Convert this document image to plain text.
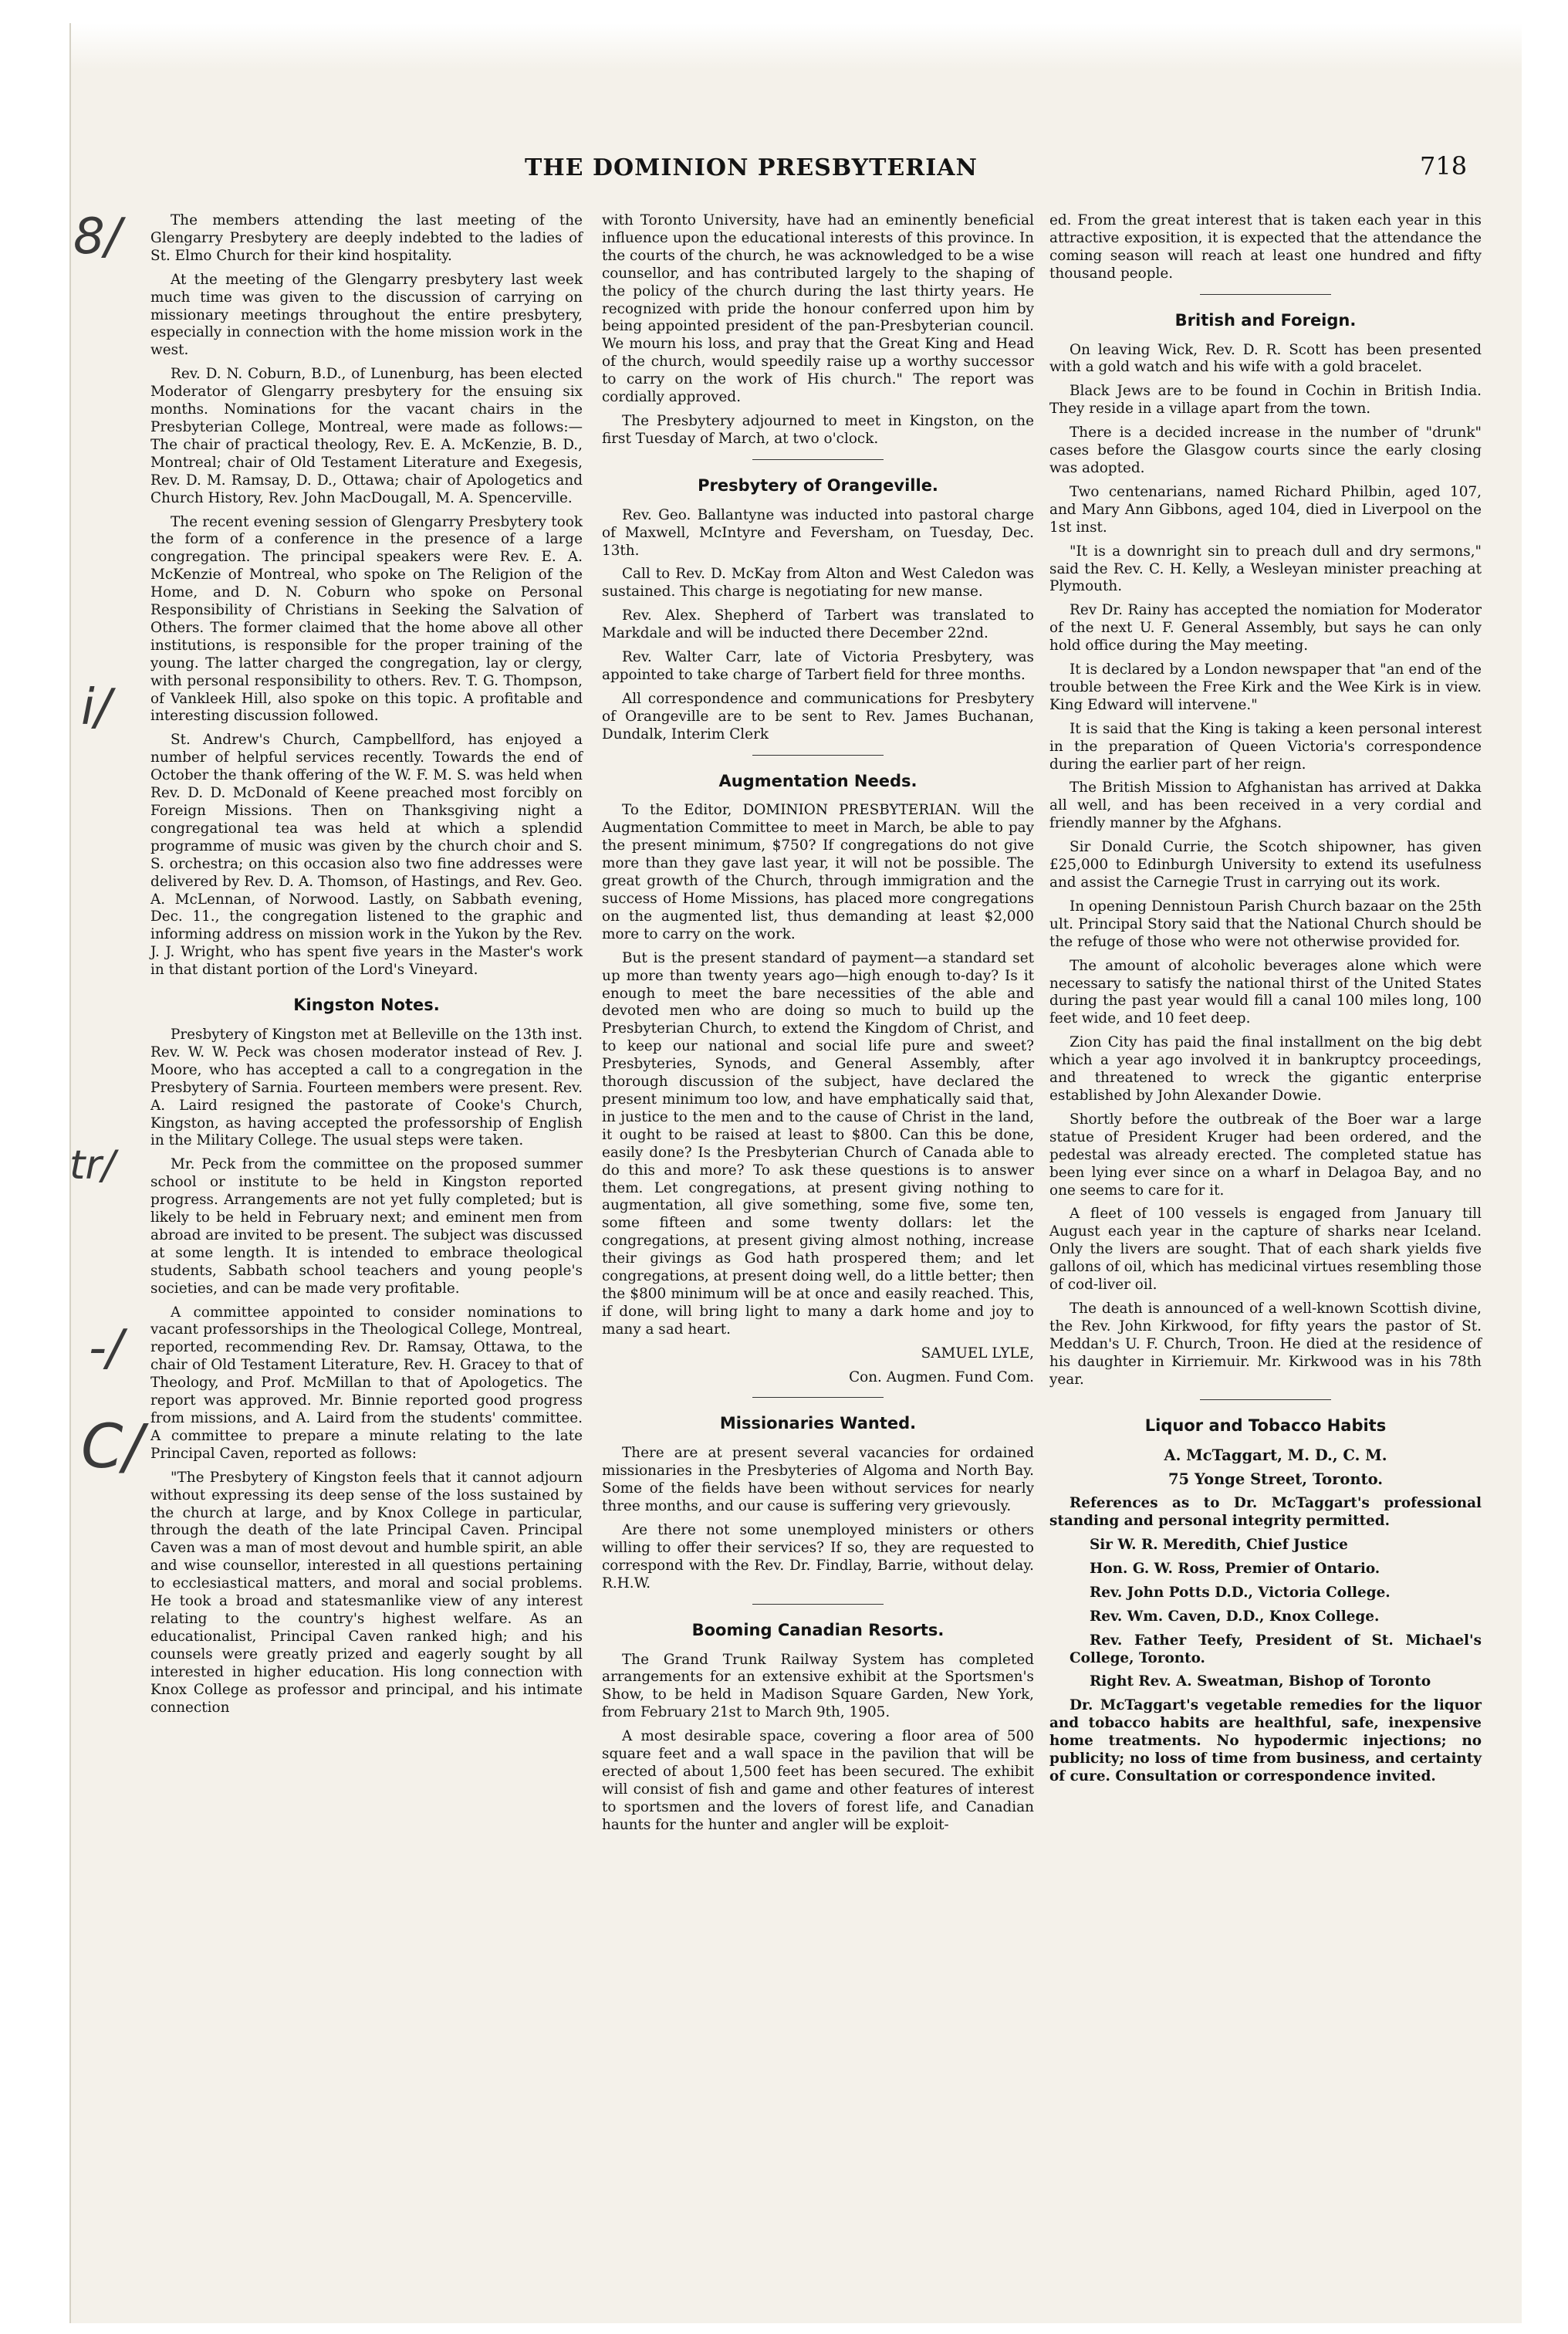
THE DOMINION PRESBYTERIAN	718
8/
i/
tr/
-/
C/

The members attending the last meeting of the Glengarry Presbytery are deeply indebted to the ladies of St. Elmo Church for their kind hospitality.

At the meeting of the Glengarry presbytery last week much time was given to the discussion of carrying on missionary meetings throughout the entire presbytery, especially in connection with the home mission work in the west.

Rev. D. N. Coburn, B.D., of Lunenburg, has been elected Moderator of Glengarry presbytery for the ensuing six months. Nominations for the vacant chairs in the Presbyterian College, Montreal, were made as follows:—The chair of practical theology, Rev. E. A. McKenzie, B. D., Montreal; chair of Old Testament Literature and Exegesis, Rev. D. M. Ramsay, D. D., Ottawa; chair of Apologetics and Church History, Rev. John MacDougall, M. A. Spencerville.

The recent evening session of Glengarry Presbytery took the form of a conference in the presence of a large congregation. The principal speakers were Rev. E. A. McKenzie of Montreal, who spoke on The Religion of the Home, and D. N. Coburn who spoke on Personal Responsibility of Christians in Seeking the Salvation of Others. The former claimed that the home above all other institutions, is responsible for the proper training of the young. The latter charged the congregation, lay or clergy, with personal responsibility to others. Rev. T. G. Thompson, of Vankleek Hill, also spoke on this topic. A profitable and interesting discussion followed.

St. Andrew's Church, Campbellford, has enjoyed a number of helpful services recently. Towards the end of October the thank offering of the W. F. M. S. was held when Rev. D. D. McDonald of Keene preached most forcibly on Foreign Missions. Then on Thanksgiving night a congregational tea was held at which a splendid programme of music was given by the church choir and S. S. orchestra; on this occasion also two fine addresses were delivered by Rev. D. A. Thomson, of Hastings, and Rev. Geo. A. McLennan, of Norwood. Lastly, on Sabbath evening, Dec. 11., the congregation listened to the graphic and informing address on mission work in the Yukon by the Rev. J. J. Wright, who has spent five years in the Master's work in that distant portion of the Lord's Vineyard.

Kingston Notes.

Presbytery of Kingston met at Belleville on the 13th inst. Rev. W. W. Peck was chosen moderator instead of Rev. J. Moore, who has accepted a call to a congregation in the Presbytery of Sarnia. Fourteen members were present. Rev. A. Laird resigned the pastorate of Cooke's Church, Kingston, as having accepted the professorship of English in the Military College. The usual steps were taken.

Mr. Peck from the committee on the proposed summer school or institute to be held in Kingston reported progress. Arrangements are not yet fully completed; but is likely to be held in February next; and eminent men from abroad are invited to be present. The subject was discussed at some length. It is intended to embrace theological students, Sabbath school teachers and young people's societies, and can be made very profitable.

A committee appointed to consider nominations to vacant professorships in the Theological College, Montreal, reported, recommending Rev. Dr. Ramsay, Ottawa, to the chair of Old Testament Literature, Rev. H. Gracey to that of Theology, and Prof. McMillan to that of Apologetics. The report was approved. Mr. Binnie reported good progress from missions, and A. Laird from the students' committee. A committee to prepare a minute relating to the late Principal Caven, reported as follows:

"The Presbytery of Kingston feels that it cannot adjourn without expressing its deep sense of the loss sustained by the church at large, and by Knox College in particular, through the death of the late Principal Caven. Principal Caven was a man of most devout and humble spirit, an able and wise counsellor, interested in all questions pertaining to ecclesiastical matters, and moral and social problems. He took a broad and statesmanlike view of any interest relating to the country's highest welfare. As an educationalist, Principal Caven ranked high; and his counsels were greatly prized and eagerly sought by all interested in higher education. His long connection with Knox College as professor and principal, and his intimate connection

with Toronto University, have had an eminently beneficial influence upon the educational interests of this province. In the courts of the church, he was acknowledged to be a wise counsellor, and has contributed largely to the shaping of the policy of the church during the last thirty years. He recognized with pride the honour conferred upon him by being appointed president of the pan-Presbyterian council. We mourn his loss, and pray that the Great King and Head of the church, would speedily raise up a worthy successor to carry on the work of His church." The report was cordially approved.

The Presbytery adjourned to meet in Kingston, on the first Tuesday of March, at two o'clock.

Presbytery of Orangeville.

Rev. Geo. Ballantyne was inducted into pastoral charge of Maxwell, McIntyre and Feversham, on Tuesday, Dec. 13th.

Call to Rev. D. McKay from Alton and West Caledon was sustained. This charge is negotiating for new manse.

Rev. Alex. Shepherd of Tarbert was translated to Markdale and will be inducted there December 22nd.

Rev. Walter Carr, late of Victoria Presbytery, was appointed to take charge of Tarbert field for three months.

All correspondence and communications for Presbytery of Orangeville are to be sent to Rev. James Buchanan, Dundalk, Interim Clerk

Augmentation Needs.

To the Editor, DOMINION PRESBYTERIAN. Will the Augmentation Committee to meet in March, be able to pay the present minimum, $750? If congregations do not give more than they gave last year, it will not be possible. The great growth of the Church, through immigration and the success of Home Missions, has placed more congregations on the augmented list, thus demanding at least $2,000 more to carry on the work.

But is the present standard of payment—a standard set up more than twenty years ago—high enough to-day? Is it enough to meet the bare necessities of the able and devoted men who are doing so much to build up the Presbyterian Church, to extend the Kingdom of Christ, and to keep our national and social life pure and sweet? Presbyteries, Synods, and General Assembly, after thorough discussion of the subject, have declared the present minimum too low, and have emphatically said that, in justice to the men and to the cause of Christ in the land, it ought to be raised at least to $800. Can this be done, easily done? Is the Presbyterian Church of Canada able to do this and more? To ask these questions is to answer them. Let congregations, at present giving nothing to augmentation, all give something, some five, some ten, some fifteen and some twenty dollars: let the congregations, at present giving almost nothing, increase their givings as God hath prospered them; and let congregations, at present doing well, do a little better; then the $800 minimum will be at once and easily reached. This, if done, will bring light to many a dark home and joy to many a sad heart.

SAMUEL LYLE,

Con. Augmen. Fund Com.

Missionaries Wanted.

There are at present several vacancies for ordained missionaries in the Presbyteries of Algoma and North Bay. Some of the fields have been without services for nearly three months, and our cause is suffering very grievously.

Are there not some unemployed ministers or others willing to offer their services? If so, they are requested to correspond with the Rev. Dr. Findlay, Barrie, without delay. R.H.W.

Booming Canadian Resorts.

The Grand Trunk Railway System has completed arrangements for an extensive exhibit at the Sportsmen's Show, to be held in Madison Square Garden, New York, from February 21st to March 9th, 1905.

A most desirable space, covering a floor area of 500 square feet and a wall space in the pavilion that will be erected of about 1,500 feet has been secured. The exhibit will consist of fish and game and other features of interest to sportsmen and the lovers of forest life, and Canadian haunts for the hunter and angler will be exploit-

ed. From the great interest that is taken each year in this attractive exposition, it is expected that the attendance the coming season will reach at least one hundred and fifty thousand people.

British and Foreign.

On leaving Wick, Rev. D. R. Scott has been presented with a gold watch and his wife with a gold bracelet.

Black Jews are to be found in Cochin in British India. They reside in a village apart from the town.

There is a decided increase in the number of "drunk" cases before the Glasgow courts since the early closing was adopted.

Two centenarians, named Richard Philbin, aged 107, and Mary Ann Gibbons, aged 104, died in Liverpool on the 1st inst.

"It is a downright sin to preach dull and dry sermons," said the Rev. C. H. Kelly, a Wesleyan minister preaching at Plymouth.

Rev Dr. Rainy has accepted the nomiation for Moderator of the next U. F. General Assembly, but says he can only hold office during the May meeting.

It is declared by a London newspaper that "an end of the trouble between the Free Kirk and the Wee Kirk is in view. King Edward will intervene."

It is said that the King is taking a keen personal interest in the preparation of Queen Victoria's correspondence during the earlier part of her reign.

The British Mission to Afghanistan has arrived at Dakka all well, and has been received in a very cordial and friendly manner by the Afghans.

Sir Donald Currie, the Scotch shipowner, has given £25,000 to Edinburgh University to extend its usefulness and assist the Carnegie Trust in carrying out its work.

In opening Dennistoun Parish Church bazaar on the 25th ult. Principal Story said that the National Church should be the refuge of those who were not otherwise provided for.

The amount of alcoholic beverages alone which were necessary to satisfy the national thirst of the United States during the past year would fill a canal 100 miles long, 100 feet wide, and 10 feet deep.

Zion City has paid the final installment on the big debt which a year ago involved it in bankruptcy proceedings, and threatened to wreck the gigantic enterprise established by John Alexander Dowie.

Shortly before the outbreak of the Boer war a large statue of President Kruger had been ordered, and the pedestal was already erected. The completed statue has been lying ever since on a wharf in Delagoa Bay, and no one seems to care for it.

A fleet of 100 vessels is engaged from January till August each year in the capture of sharks near Iceland. Only the livers are sought. That of each shark yields five gallons of oil, which has medicinal virtues resembling those of cod-liver oil.

The death is announced of a well-known Scottish divine, the Rev. John Kirkwood, for fifty years the pastor of St. Meddan's U. F. Church, Troon. He died at the residence of his daughter in Kirriemuir. Mr. Kirkwood was in his 78th year.

Liquor and Tobacco Habits

A. McTaggart, M. D., C. M.

75 Yonge Street, Toronto.

References as to Dr. McTaggart's professional standing and personal integrity permitted.

Sir W. R. Meredith, Chief Justice

Hon. G. W. Ross, Premier of Ontario.

Rev. John Potts D.D., Victoria College.

Rev. Wm. Caven, D.D., Knox College.

Rev. Father Teefy, President of St. Michael's College, Toronto.

Right Rev. A. Sweatman, Bishop of Toronto

Dr. McTaggart's vegetable remedies for the liquor and tobacco habits are healthful, safe, inexpensive home treatments. No hypodermic injections; no publicity; no loss of time from business, and certainty of cure. Consultation or correspondence invited.
